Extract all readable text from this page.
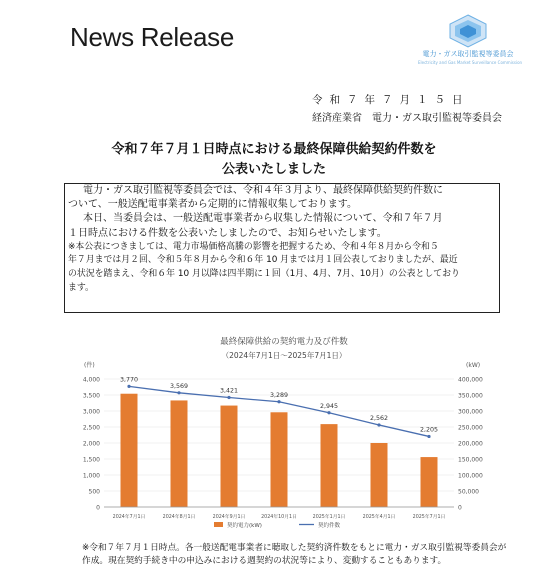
News Release
電力・ガス取引監視等委員会
Electricity and Gas Market Surveillance Commission
令和７年７月１５日
経済産業省　電力・ガス取引監視等委員会
令和７年７月１日時点における最終保障供給契約件数を
公表いたしました

電力・ガス取引監視等委員会では、令和４年３月より、最終保障供給契約件数に

ついて、一般送配電事業者から定期的に情報収集しております。

本日、当委員会は、一般送配電事業者から収集した情報について、令和７年７月

１日時点における件数を公表いたしましたので、お知らせいたします。

※本公表につきましては、電力市場価格高騰の影響を把握するため、令和４年８月から令和５

年７月までは月２回、令和５年８月から令和６年 10 月までは月１回公表しておりましたが、最近

の状況を踏まえ、令和６年 10 月以降は四半期に１回（1月、4月、7月、10月）の公表としており

ます。

最終保障供給の契約電力及び件数
（2024年7月1日～2025年7月1日）
3,770
3,569
3,421
3,289
2,945
2,562
2,205
0
500
1,000
1,500
2,000
2,500
3,000
3,500
4,000
0
50,000
100,000
150,000
200,000
250,000
300,000
350,000
400,000
(件)	(kW)
2024年7月1日	2024年8月1日	2024年9月1日	2024年10月1日	2025年1月1日	2025年4月1日	2025年7月1日
契約電力(kW)	契約件数
※令和７年７月１日時点。各一般送配電事業者に聴取した契約済件数をもとに電力・ガス取引監視等委員会が
作成。現在契約手続き中の申込みにおける週契約の状況等により、変動することもあります。
